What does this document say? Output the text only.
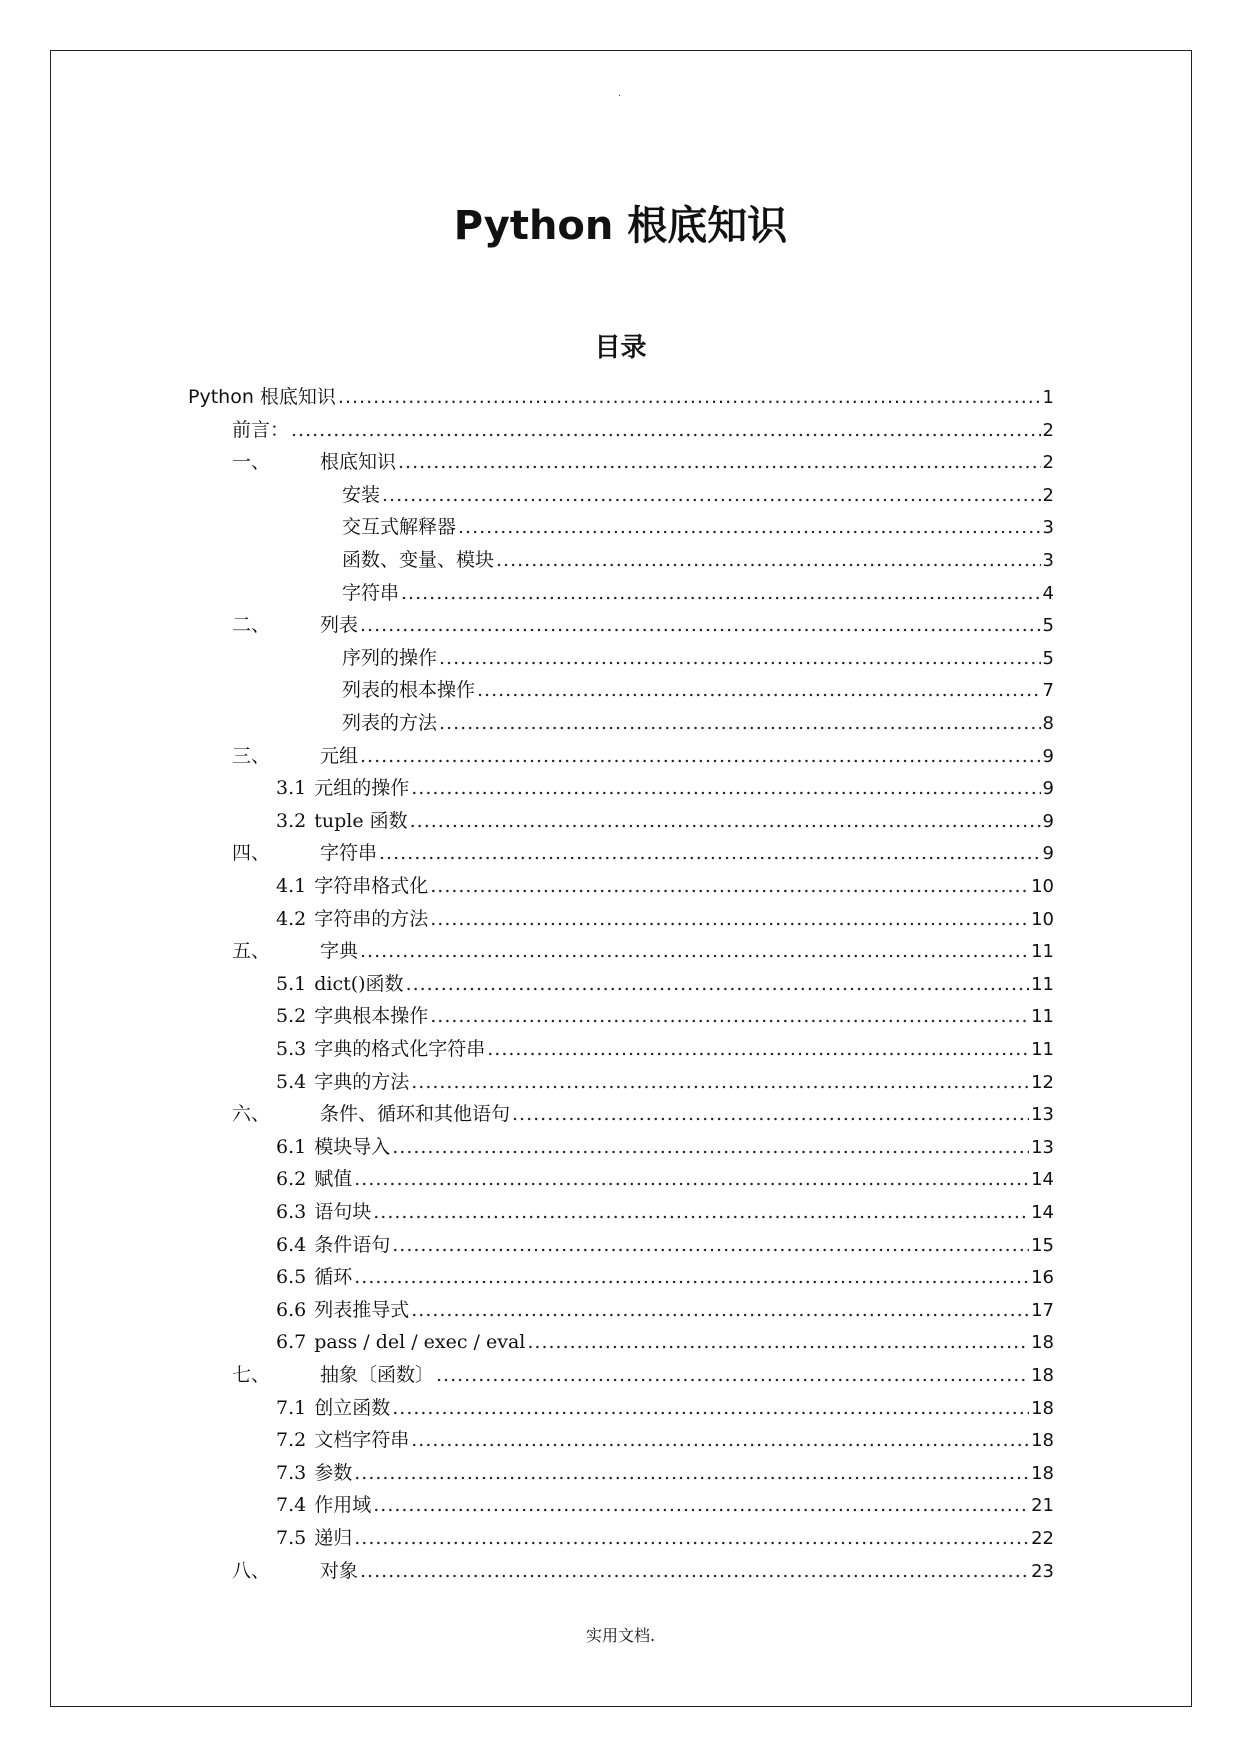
·
Python 根底知识
目录
Python 根底知识 .....	1
前言： .....	2
一、	根底知识 .....	2
安装 .....	2
交互式解释器 .....	3
函数、变量、模块 .....	3
字符串 .....	4
二、	列表 .....	5
序列的操作 .....	5
列表的根本操作 .....	7
列表的方法 .....	8
三、	元组 .....	9
3.1 元组的操作 .....	9
3.2 tuple 函数 .....	9
四、	字符串 .....	9
4.1 字符串格式化 .....	10
4.2 字符串的方法 .....	10
五、	字典 .....	11
5.1 dict()函数 .....	11
5.2 字典根本操作 .....	11
5.3 字典的格式化字符串 .....	11
5.4 字典的方法 .....	12
六、	条件、循环和其他语句 .....	13
6.1 模块导入 .....	13
6.2 赋值 .....	14
6.3 语句块 .....	14
6.4 条件语句 .....	15
6.5 循环 .....	16
6.6 列表推导式 .....	17
6.7 pass / del / exec / eval .....	18
七、	抽象〔函数〕 .....	18
7.1 创立函数 .....	18
7.2 文档字符串 .....	18
7.3 参数 .....	18
7.4 作用域 .....	21
7.5 递归 .....	22
八、	对象 .....	23
实用文档.
